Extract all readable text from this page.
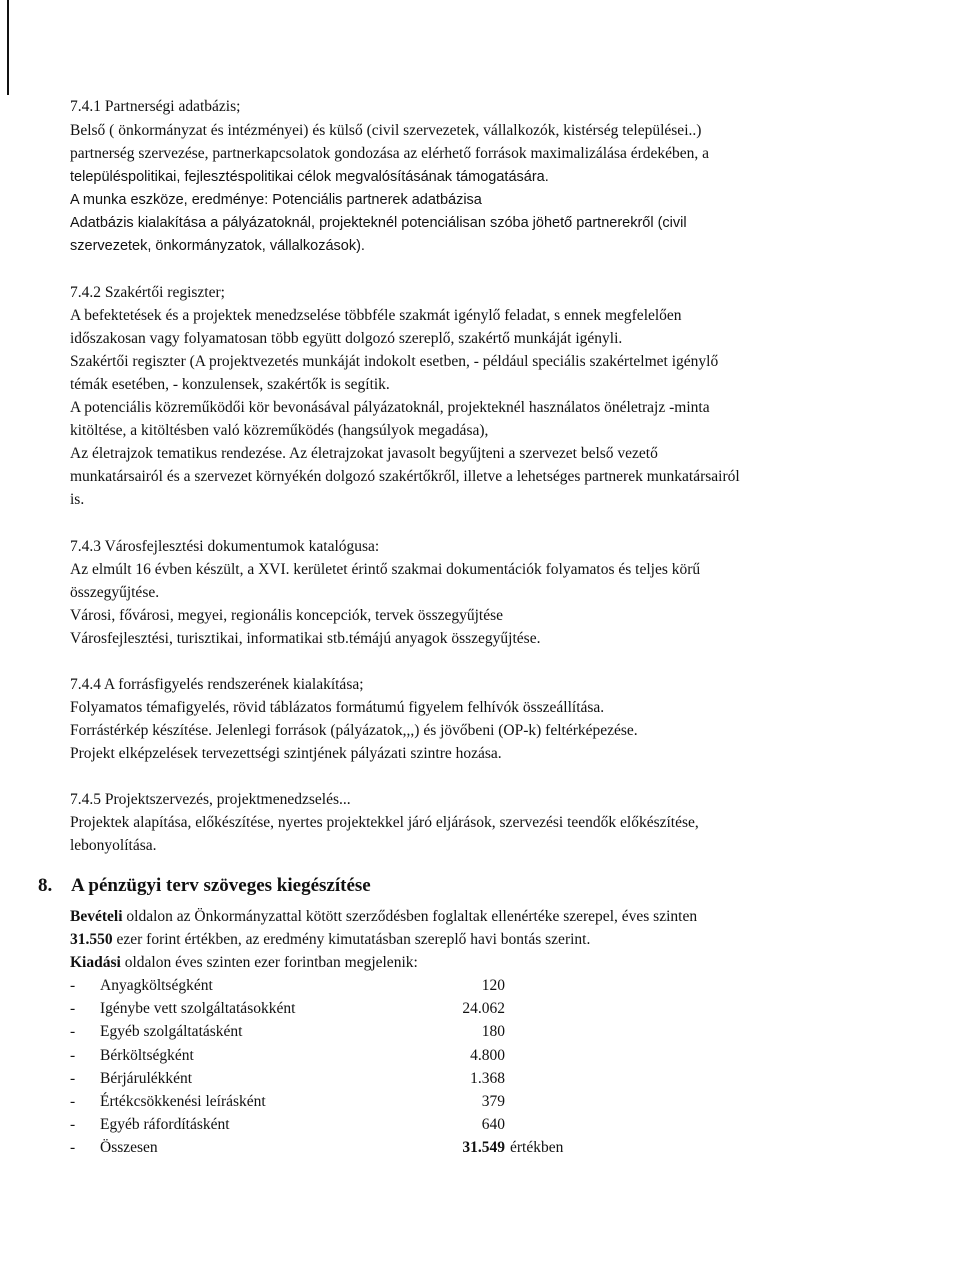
7.4.1 Partnerségi adatbázis;
Belső ( önkormányzat és intézményei) és külső (civil szervezetek, vállalkozók, kistérség települései..)
partnerség szervezése, partnerkapcsolatok gondozása az elérhető források maximalizálása érdekében, a
településpolitikai, fejlesztéspolitikai célok megvalósításának támogatására.
A munka eszköze, eredménye: Potenciális partnerek adatbázisa
Adatbázis kialakítása a pályázatoknál, projekteknél potenciálisan szóba jöhető partnerekről (civil
szervezetek, önkormányzatok, vállalkozások).
7.4.2 Szakértői regiszter;
A befektetések és a projektek menedzselése többféle szakmát igénylő feladat, s ennek megfelelően
időszakosan vagy folyamatosan több együtt dolgozó szereplő, szakértő munkáját igényli.
Szakértői regiszter (A projektvezetés munkáját indokolt esetben, - például speciális szakértelmet igénylő
témák esetében, - konzulensek, szakértők is segítik.
A potenciális közreműködői kör bevonásával pályázatoknál, projekteknél használatos önéletrajz -minta
kitöltése, a kitöltésben való közreműködés (hangsúlyok megadása),
Az életrajzok tematikus rendezése. Az életrajzokat javasolt begyűjteni a szervezet belső vezető
munkatársairól és a szervezet környékén dolgozó szakértőkről, illetve a lehetséges partnerek munkatársairól
is.
7.4.3 Városfejlesztési dokumentumok katalógusa:
Az elmúlt 16 évben készült, a XVI. kerületet érintő szakmai dokumentációk folyamatos és teljes körű
összegyűjtése.
Városi, fővárosi, megyei, regionális koncepciók, tervek összegyűjtése
Városfejlesztési, turisztikai, informatikai stb.témájú anyagok összegyűjtése.
7.4.4 A forrásfigyelés rendszerének kialakítása;
Folyamatos témafigyelés, rövid táblázatos formátumú figyelem felhívók összeállítása.
Forrástérkép készítése. Jelenlegi források (pályázatok,,,) és jövőbeni (OP-k) feltérképezése.
Projekt elképzelések tervezettségi szintjének pályázati szintre hozása.
7.4.5 Projektszervezés, projektmenedzselés...
Projektek alapítása, előkészítése, nyertes projektekkel járó eljárások, szervezési teendők előkészítése,
lebonyolítása.
8. A pénzügyi terv szöveges kiegészítése
Bevételi oldalon az Önkormányzattal kötött szerződésben foglaltak ellenértéke szerepel, éves szinten
31.550 ezer forint értékben, az eredmény kimutatásban szereplő havi bontás szerint.
Kiadási oldalon éves szinten ezer forintban megjelenik:
- Anyagköltségként	120
- Igénybe vett szolgáltatásokként	24.062
- Egyéb szolgáltatásként	180
- Bérköltségként	4.800
- Bérjárulékként	1.368
- Értékcsökkenési leírásként	379
- Egyéb ráfordításként	640
- Összesen	31.549 értékben
